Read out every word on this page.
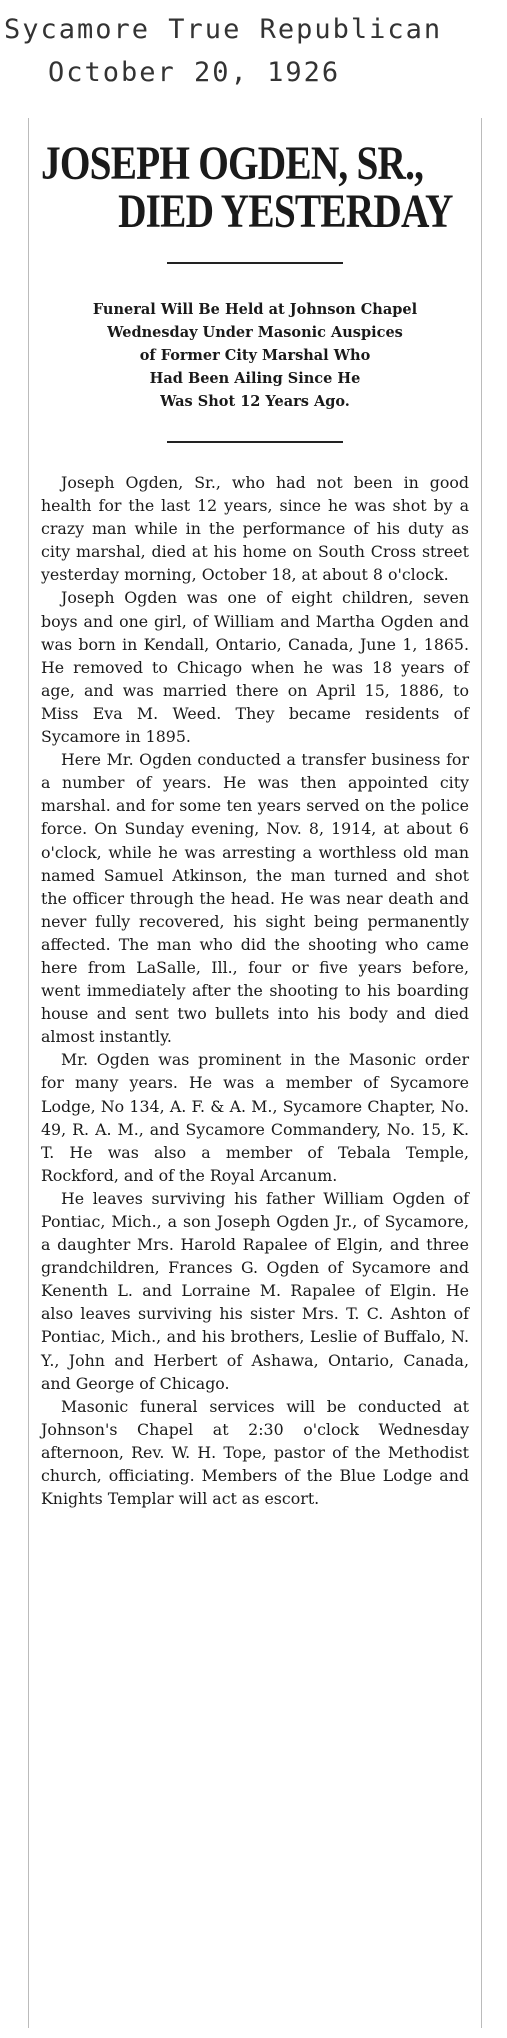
Sycamore True Republican

October 20, 1926

JOSEPH OGDEN, SR.,
DIED YESTERDAY
Funeral Will Be Held at Johnson Chapel
Wednesday Under Masonic Auspices
of Former City Marshal Who
Had Been Ailing Since He
Was Shot 12 Years Ago.

Joseph Ogden, Sr., who had not been in good health for the last 12 years, since he was shot by a crazy man while in the performance of his duty as city marshal, died at his home on South Cross street yesterday morning, October 18, at about 8 o'clock.

Joseph Ogden was one of eight children, seven boys and one girl, of William and Martha Ogden and was born in Kendall, Ontario, Canada, June 1, 1865. He removed to Chicago when he was 18 years of age, and was married there on April 15, 1886, to Miss Eva M. Weed. They became residents of Sycamore in 1895.

Here Mr. Ogden conducted a transfer business for a number of years. He was then appointed city marshal. and for some ten years served on the police force. On Sunday evening, Nov. 8, 1914, at about 6 o'clock, while he was arresting a worthless old man named Samuel Atkinson, the man turned and shot the officer through the head. He was near death and never fully recovered, his sight being permanently affected. The man who did the shooting who came here from LaSalle, Ill., four or five years before, went immediately after the shooting to his boarding house and sent two bullets into his body and died almost instantly.

Mr. Ogden was prominent in the Masonic order for many years. He was a member of Sycamore Lodge, No 134, A. F. & A. M., Sycamore Chapter, No. 49, R. A. M., and Sycamore Commandery, No. 15, K. T. He was also a member of Tebala Temple, Rockford, and of the Royal Arcanum.

He leaves surviving his father William Ogden of Pontiac, Mich., a son Joseph Ogden Jr., of Sycamore, a daughter Mrs. Harold Rapalee of Elgin, and three grandchildren, Frances G. Ogden of Sycamore and Kenenth L. and Lorraine M. Rapalee of Elgin. He also leaves surviving his sister Mrs. T. C. Ashton of Pontiac, Mich., and his brothers, Leslie of Buffalo, N. Y., John and Herbert of Ashawa, Ontario, Canada, and George of Chicago.

Masonic funeral services will be conducted at Johnson's Chapel at 2:30 o'clock Wednesday afternoon, Rev. W. H. Tope, pastor of the Methodist church, officiating. Members of the Blue Lodge and Knights Templar will act as escort.
